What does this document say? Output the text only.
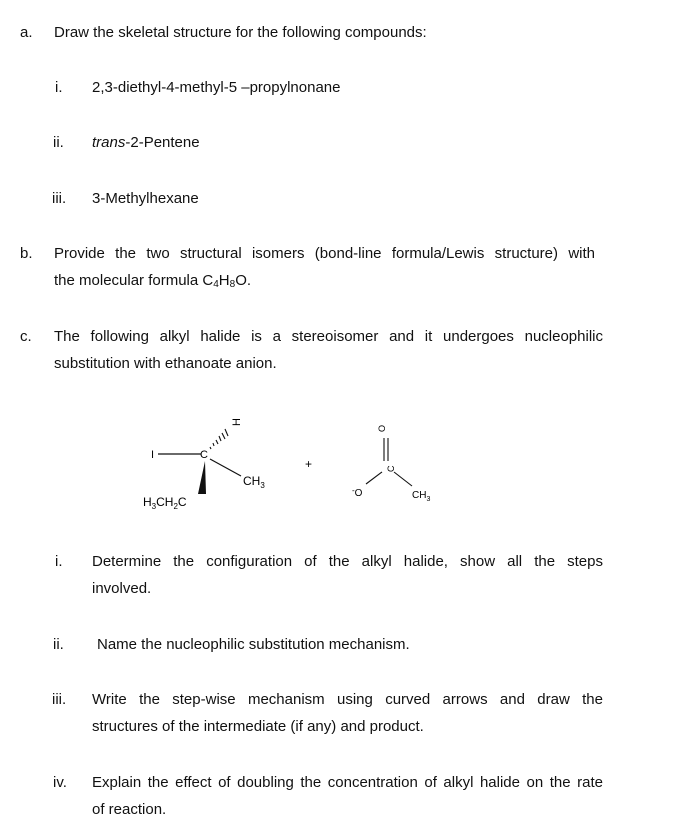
a. Draw the skeletal structure for the following compounds:
i. 2,3-diethyl-4-methyl-5 –propylnonane
ii. trans-2-Pentene
iii. 3-Methylhexane
b. Provide the two structural isomers (bond-line formula/Lewis structure) with
the molecular formula $C_4H_8O$.
c. The following alkyl halide is a stereoisomer and it undergoes nucleophilic
substitution with ethanoate anion.
I	C
H
$CH_3$
$H_3CH_2C$
+
O
C
-O	$CH_3$
i. Determine the configuration of the alkyl halide, show all the steps
involved.
ii. Name the nucleophilic substitution mechanism.
iii. Write the step-wise mechanism using curved arrows and draw the
structures of the intermediate (if any) and product.
iv. Explain the effect of doubling the concentration of alkyl halide on the rate
of reaction.
